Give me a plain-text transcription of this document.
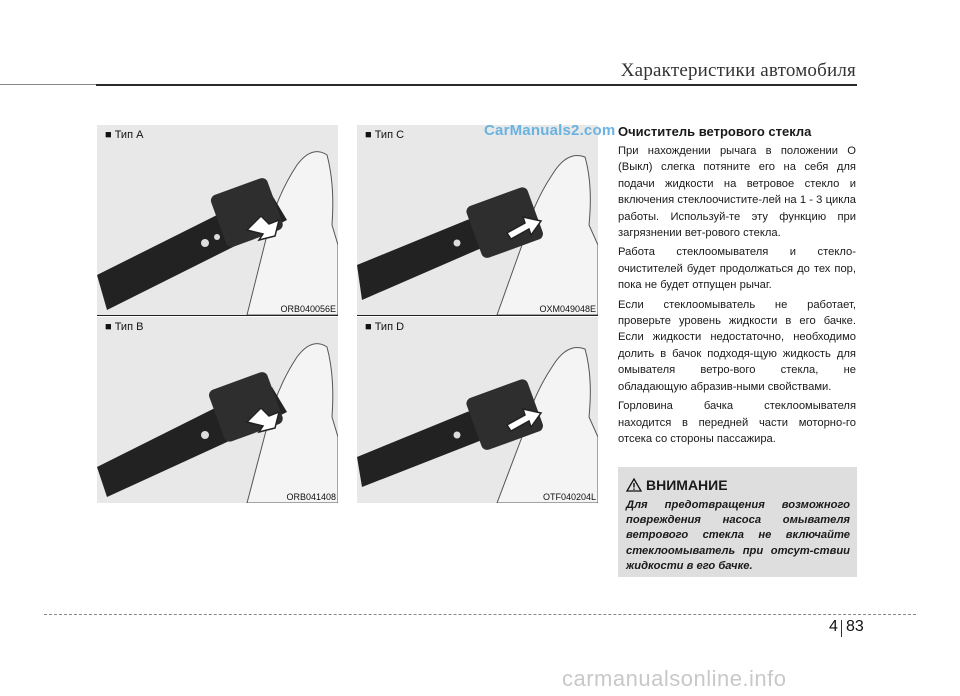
Характеристики автомобиля
■ Тип A
ORB040056E
■ Тип C
OXM049048E
■ Тип B
ORB041408
■ Тип D
OTF040204L
CarManuals2.com Очиститель ветрового стекла

При нахождении рычага в положении O (Выкл) слегка потяните его на себя для подачи жидкости на ветровое стекло и включения стеклоочистите-лей на 1 - 3 цикла работы. Используй-те эту функцию при загрязнении вет-рового стекла.

Работа стеклоомывателя и стекло-очистителей будет продолжаться до тех пор, пока не будет отпущен рычаг.

Если стеклоомыватель не работает, проверьте уровень жидкости в его бачке. Если жидкости недостаточно, необходимо долить в бачок подходя-щую жидкость для омывателя ветро-вого стекла, не обладающую абразив-ными свойствами.

Горловина бачка стеклоомывателя находится в передней части моторно-го отсека со стороны пассажира.

ВНИМАНИЕ
Для предотвращения возможного повреждения насоса омывателя ветрового стекла не включайте стеклоомыватель при отсут-ствии жидкости в его бачке.
4 83
carmanualsonline.info
